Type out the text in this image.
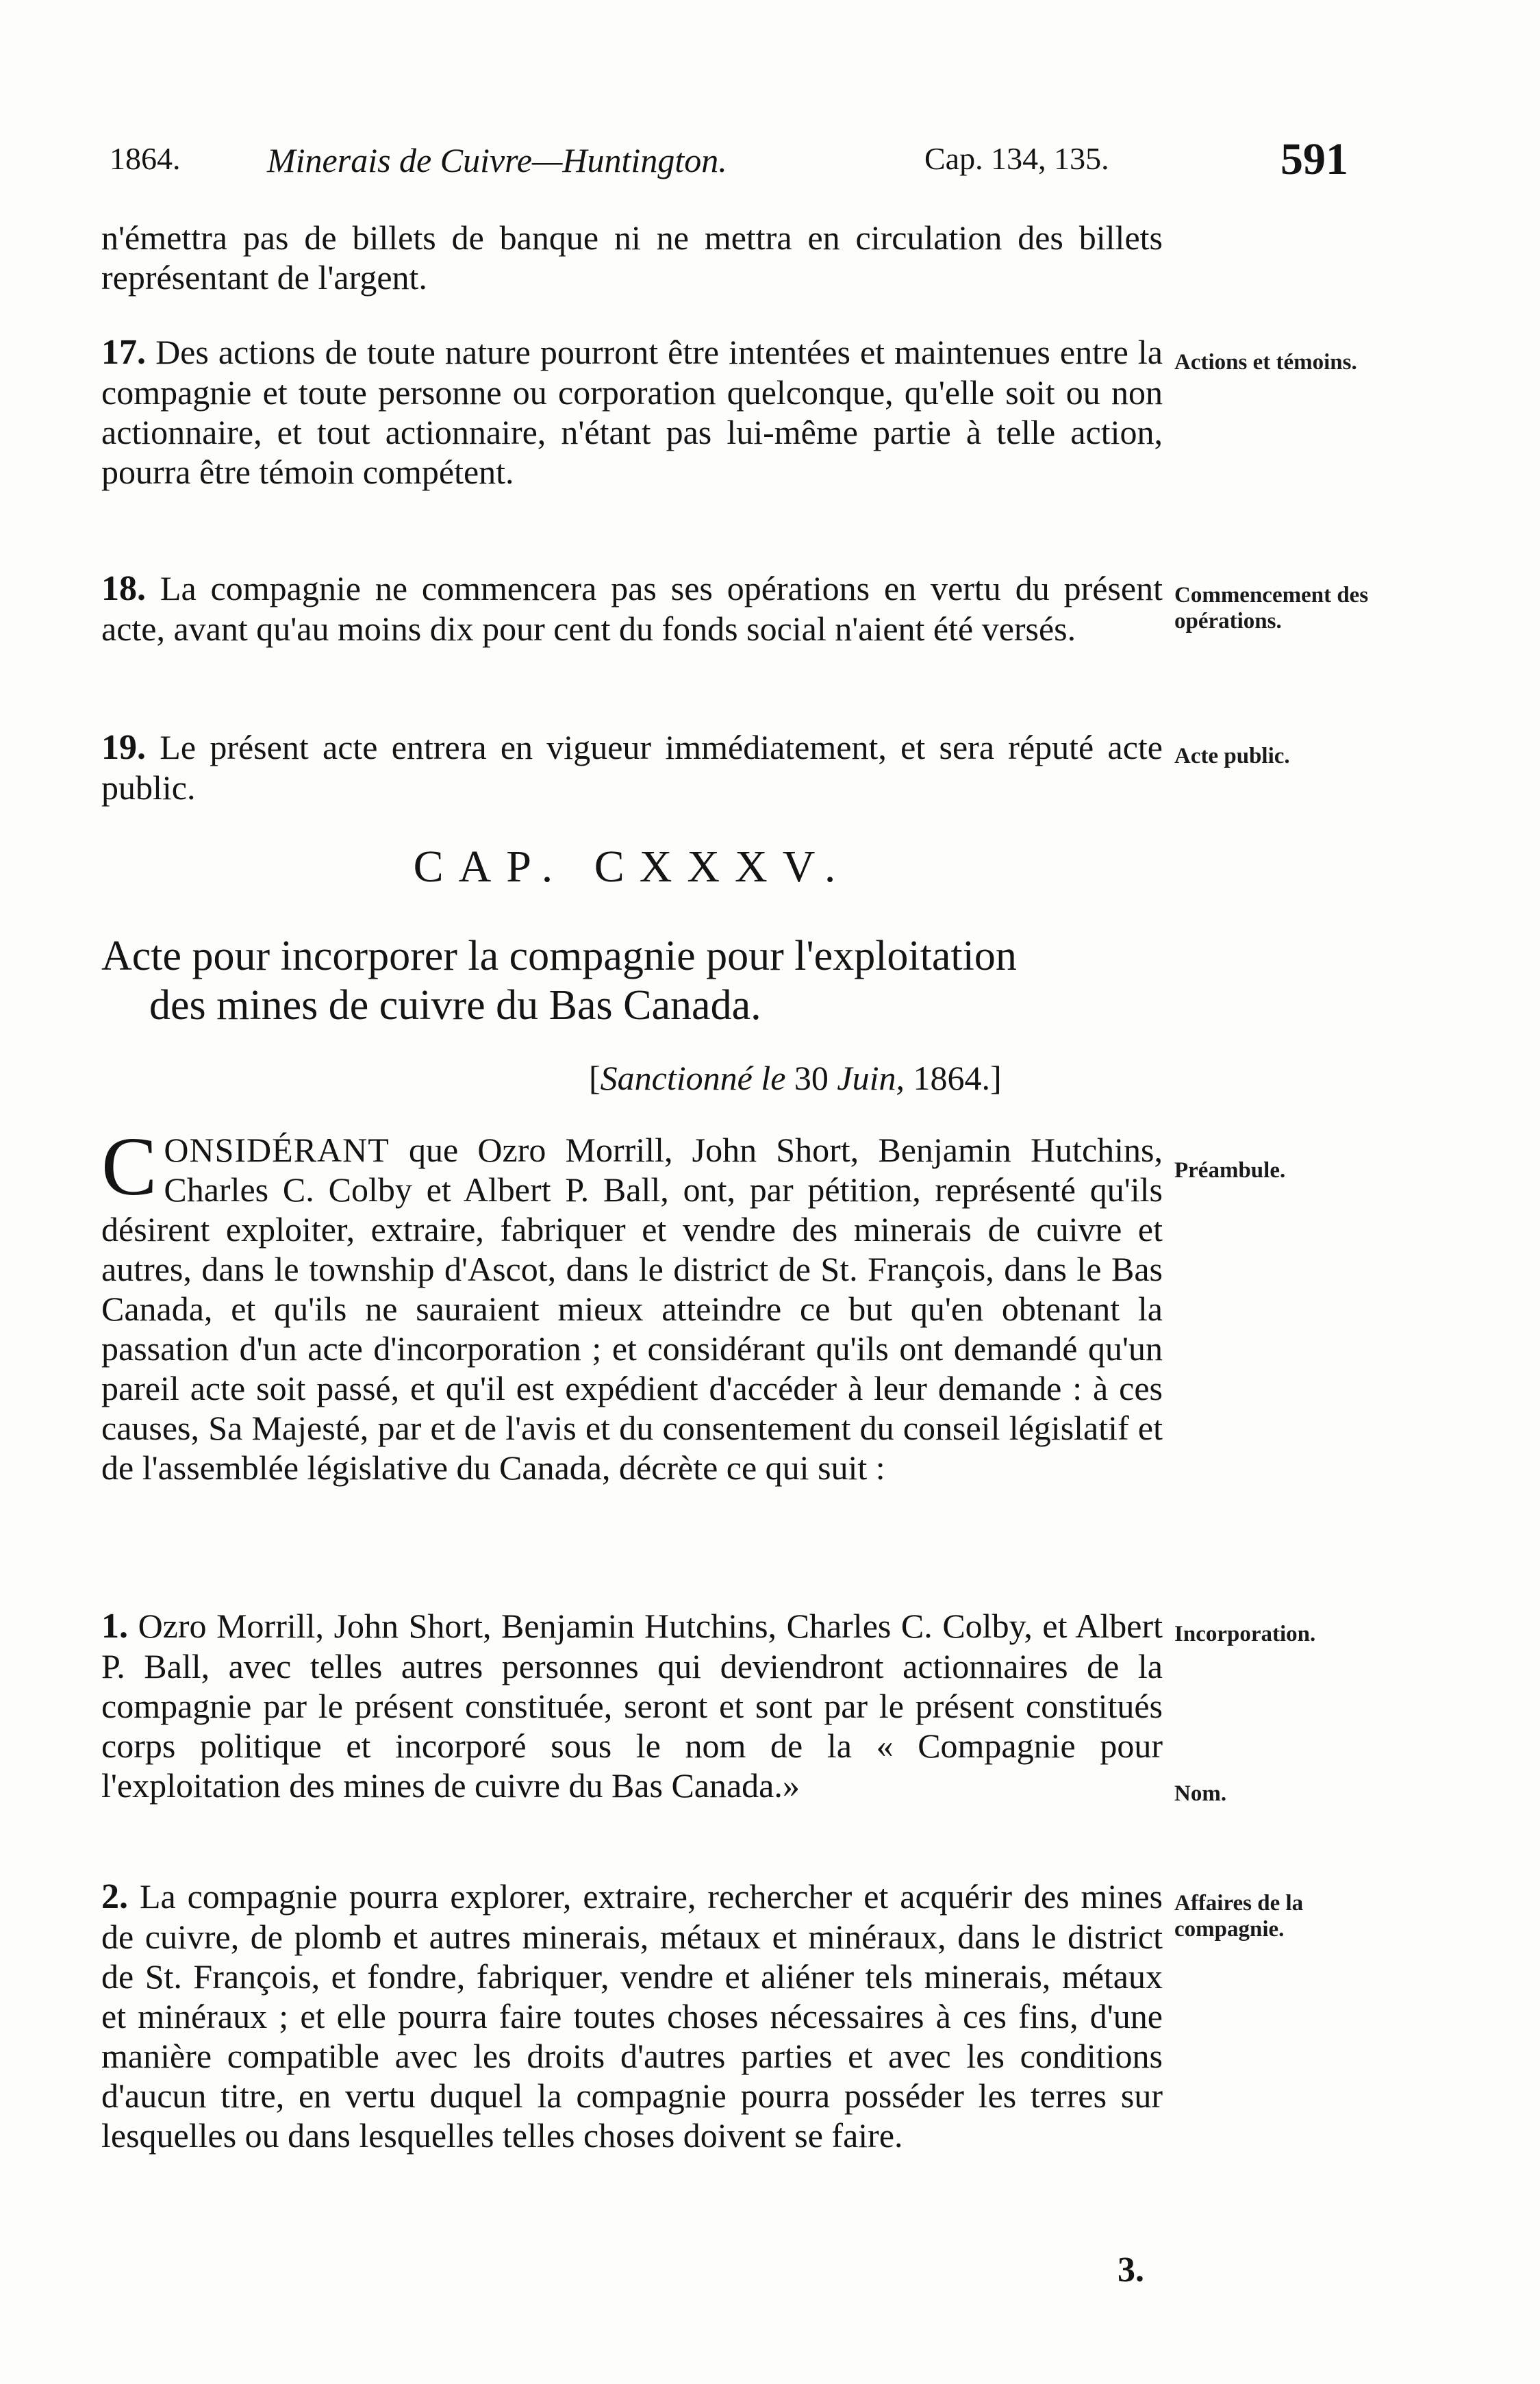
1864.	Minerais de Cuivre—Huntington.	Cap. 134, 135.	591

n'émettra pas de billets de banque ni ne mettra en circulation des billets représentant de l'argent.

17. Des actions de toute nature pourront être intentées et maintenues entre la compagnie et toute personne ou corporation quelconque, qu'elle soit ou non actionnaire, et tout actionnaire, n'étant pas lui-même partie à telle action, pourra être témoin compétent.

Actions et témoins.

18. La compagnie ne commencera pas ses opérations en vertu du présent acte, avant qu'au moins dix pour cent du fonds social n'aient été versés.

Commencement des opérations.

19. Le présent acte entrera en vigueur immédiatement, et sera réputé acte public.

Acte public.
CAP. CXXXV.
Acte pour incorporer la compagnie pour l'exploitation
des mines de cuivre du Bas Canada.
[Sanctionné le 30 Juin, 1864.]

CONSIDÉRANT que Ozro Morrill, John Short, Benjamin Hutchins, Charles C. Colby et Albert P. Ball, ont, par pétition, représenté qu'ils désirent exploiter, extraire, fabriquer et vendre des minerais de cuivre et autres, dans le township d'Ascot, dans le district de St. François, dans le Bas Canada, et qu'ils ne sauraient mieux atteindre ce but qu'en obtenant la passation d'un acte d'incorporation ; et considérant qu'ils ont demandé qu'un pareil acte soit passé, et qu'il est expédient d'accéder à leur demande : à ces causes, Sa Majesté, par et de l'avis et du consentement du conseil législatif et de l'assemblée législative du Canada, décrète ce qui suit :

Préambule.

1. Ozro Morrill, John Short, Benjamin Hutchins, Charles C. Colby, et Albert P. Ball, avec telles autres personnes qui deviendront actionnaires de la compagnie par le présent constituée, seront et sont par le présent constitués corps politique et incorporé sous le nom de la « Compagnie pour l'exploitation des mines de cuivre du Bas Canada.»

Incorporation.
Nom.

2. La compagnie pourra explorer, extraire, rechercher et acquérir des mines de cuivre, de plomb et autres minerais, métaux et minéraux, dans le district de St. François, et fondre, fabriquer, vendre et aliéner tels minerais, métaux et minéraux ; et elle pourra faire toutes choses nécessaires à ces fins, d'une manière compatible avec les droits d'autres parties et avec les conditions d'aucun titre, en vertu duquel la compagnie pourra posséder les terres sur lesquelles ou dans lesquelles telles choses doivent se faire.

Affaires de la compagnie.
3.
